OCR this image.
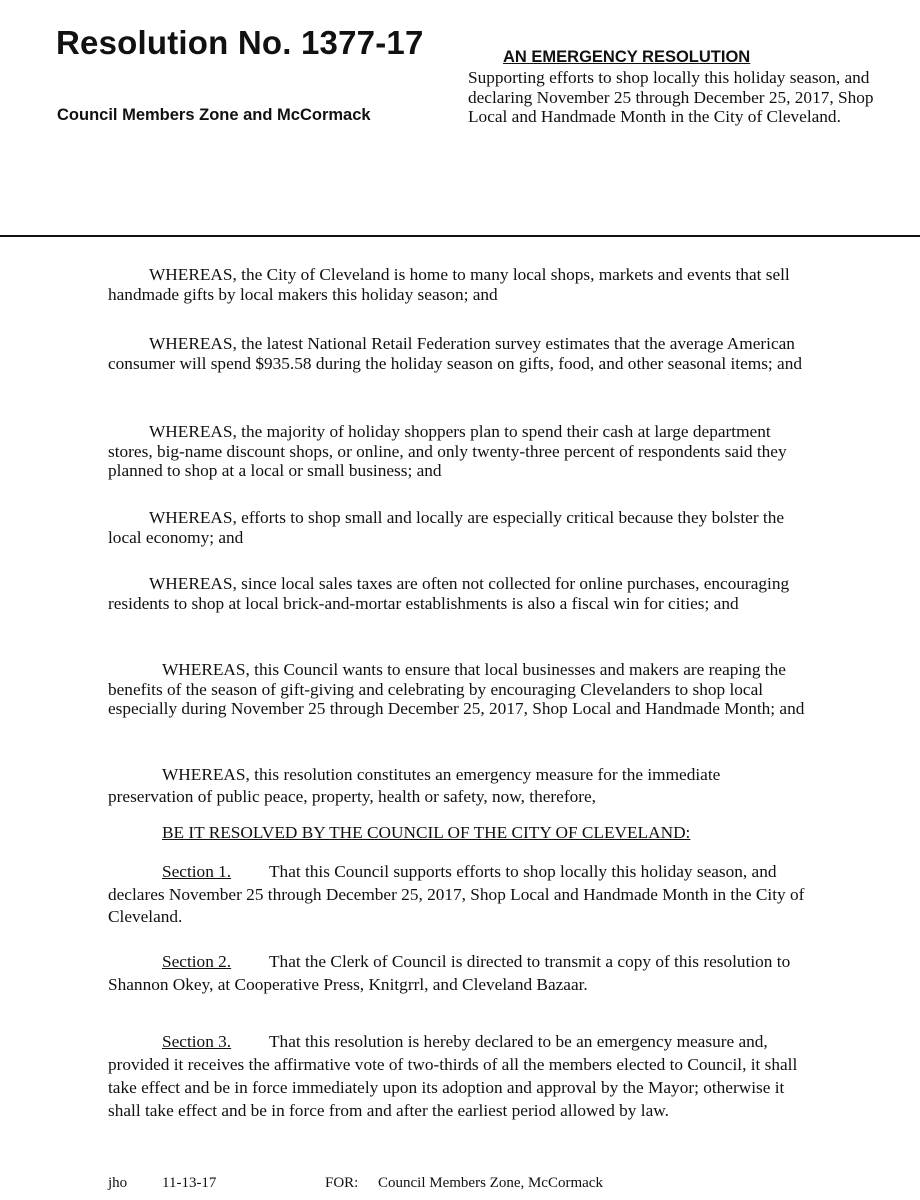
Resolution No. 1377-17
Council Members Zone and McCormack
AN EMERGENCY RESOLUTION
Supporting efforts to shop locally this holiday season, and declaring November 25 through December 25, 2017, Shop Local and Handmade Month in the City of Cleveland.
WHEREAS, the City of Cleveland is home to many local shops, markets and events that sell handmade gifts by local makers this holiday season; and
WHEREAS, the latest National Retail Federation survey estimates that the average American consumer will spend $935.58 during the holiday season on gifts, food, and other seasonal items; and
WHEREAS, the majority of holiday shoppers plan to spend their cash at large department stores, big-name discount shops, or online, and only twenty-three percent of respondents said they planned to shop at a local or small business; and
WHEREAS, efforts to shop small and locally are especially critical because they bolster the local economy; and
WHEREAS, since local sales taxes are often not collected for online purchases, encouraging residents to shop at local brick-and-mortar establishments is also a fiscal win for cities; and
WHEREAS, this Council wants to ensure that local businesses and makers are reaping the benefits of the season of gift-giving and celebrating by encouraging Clevelanders to shop local especially during November 25 through December 25, 2017, Shop Local and Handmade Month; and
WHEREAS, this resolution constitutes an emergency measure for the immediate preservation of public peace, property, health or safety, now, therefore,
BE IT RESOLVED BY THE COUNCIL OF THE CITY OF CLEVELAND:
Section 1. That this Council supports efforts to shop locally this holiday season, and declares November 25 through December 25, 2017, Shop Local and Handmade Month in the City of Cleveland.
Section 2. That the Clerk of Council is directed to transmit a copy of this resolution to Shannon Okey, at Cooperative Press, Knitgrrl, and Cleveland Bazaar.
Section 3. That this resolution is hereby declared to be an emergency measure and, provided it receives the affirmative vote of two-thirds of all the members elected to Council, it shall take effect and be in force immediately upon its adoption and approval by the Mayor; otherwise it shall take effect and be in force from and after the earliest period allowed by law.
jho 11-13-17	FOR: Council Members Zone, McCormack
